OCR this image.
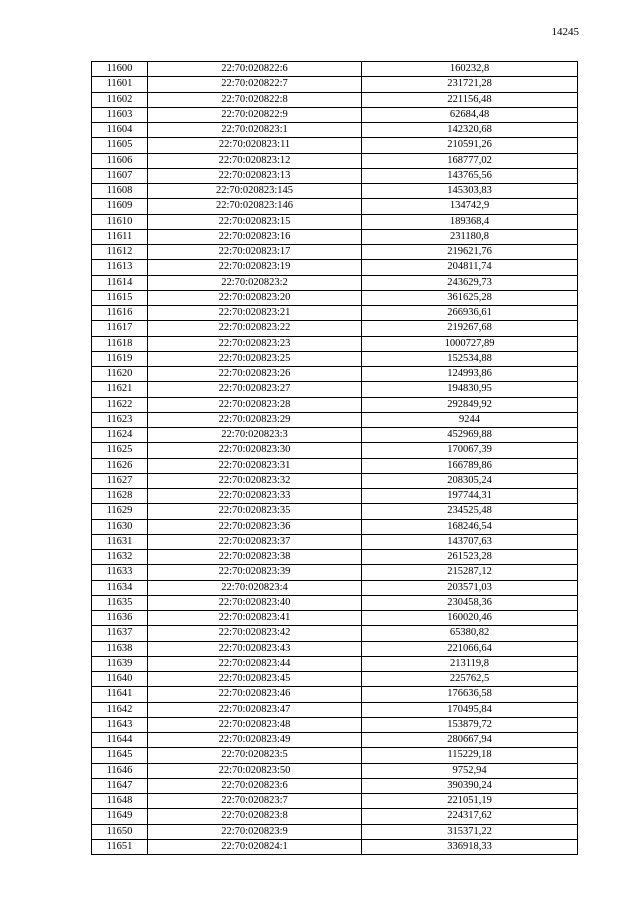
14245
11600	22:70:020822:6	160232,8
11601	22:70:020822:7	231721,28
11602	22:70:020822:8	221156,48
11603	22:70:020822:9	62684,48
11604	22:70:020823:1	142320,68
11605	22:70:020823:11	210591,26
11606	22:70:020823:12	168777,02
11607	22:70:020823:13	143765,56
11608	22:70:020823:145	145303,83
11609	22:70:020823:146	134742,9
11610	22:70:020823:15	189368,4
11611	22:70:020823:16	231180,8
11612	22:70:020823:17	219621,76
11613	22:70:020823:19	204811,74
11614	22:70:020823:2	243629,73
11615	22:70:020823:20	361625,28
11616	22:70:020823:21	266936,61
11617	22:70:020823:22	219267,68
11618	22:70:020823:23	1000727,89
11619	22:70:020823:25	152534,88
11620	22:70:020823:26	124993,86
11621	22:70:020823:27	194830,95
11622	22:70:020823:28	292849,92
11623	22:70:020823:29	9244
11624	22:70:020823:3	452969,88
11625	22:70:020823:30	170067,39
11626	22:70:020823:31	166789,86
11627	22:70:020823:32	208305,24
11628	22:70:020823:33	197744,31
11629	22:70:020823:35	234525,48
11630	22:70:020823:36	168246,54
11631	22:70:020823:37	143707,63
11632	22:70:020823:38	261523,28
11633	22:70:020823:39	215287,12
11634	22:70:020823:4	203571,03
11635	22:70:020823:40	230458,36
11636	22:70:020823:41	160020,46
11637	22:70:020823:42	65380,82
11638	22:70:020823:43	221066,64
11639	22:70:020823:44	213119,8
11640	22:70:020823:45	225762,5
11641	22:70:020823:46	176636,58
11642	22:70:020823:47	170495,84
11643	22:70:020823:48	153879,72
11644	22:70:020823:49	280667,94
11645	22:70:020823:5	115229,18
11646	22:70:020823:50	9752,94
11647	22:70:020823:6	390390,24
11648	22:70:020823:7	221051,19
11649	22:70:020823:8	224317,62
11650	22:70:020823:9	315371,22
11651	22:70:020824:1	336918,33
